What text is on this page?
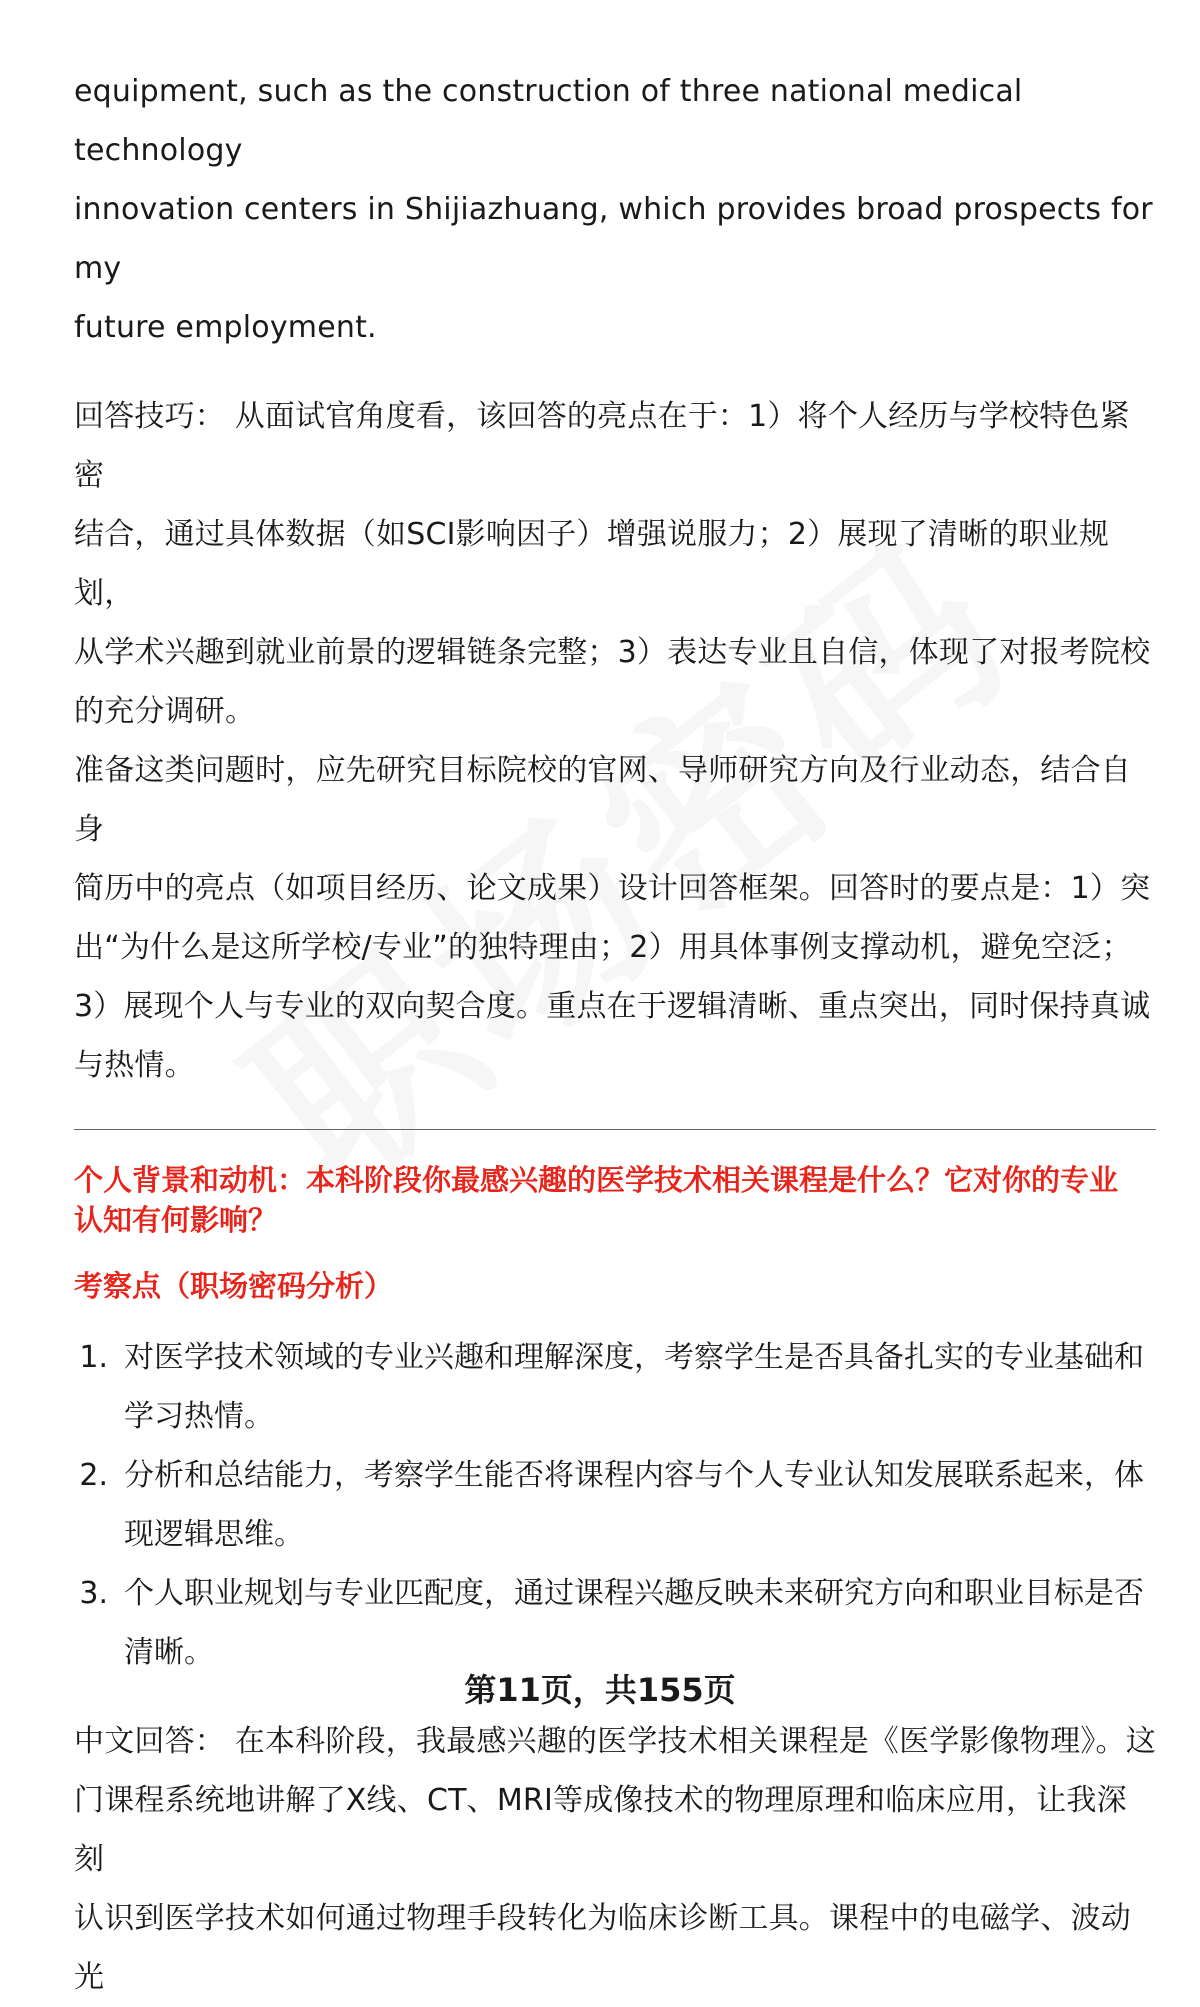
equipment, such as the construction of three national medical technology

innovation centers in Shijiazhuang, which provides broad prospects for my

future employment.

回答技巧： 从面试官角度看，该回答的亮点在于：1）将个人经历与学校特色紧密

结合，通过具体数据（如SCI影响因子）增强说服力；2）展现了清晰的职业规划，

从学术兴趣到就业前景的逻辑链条完整；3）表达专业且自信，体现了对报考院校

的充分调研。

准备这类问题时，应先研究目标院校的官网、导师研究方向及行业动态，结合自身

简历中的亮点（如项目经历、论文成果）设计回答框架。回答时的要点是：1）突

出“为什么是这所学校/专业”的独特理由；2）用具体事例支撑动机，避免空泛；

3）展现个人与专业的双向契合度。重点在于逻辑清晰、重点突出，同时保持真诚

与热情。

个人背景和动机：本科阶段你最感兴趣的医学技术相关课程是什么？它对你的专业

认知有何影响？

考察点（职场密码分析）

1. 对医学技术领域的专业兴趣和理解深度，考察学生是否具备扎实的专业基础和
学习热情。
2. 分析和总结能力，考察学生能否将课程内容与个人专业认知发展联系起来，体
现逻辑思维。
3. 个人职业规划与专业匹配度，通过课程兴趣反映未来研究方向和职业目标是否
清晰。

中文回答： 在本科阶段，我最感兴趣的医学技术相关课程是《医学影像物理》。这

门课程系统地讲解了X线、CT、MRI等成像技术的物理原理和临床应用，让我深刻

认识到医学技术如何通过物理手段转化为临床诊断工具。课程中的电磁学、波动光

第11页，共155页
